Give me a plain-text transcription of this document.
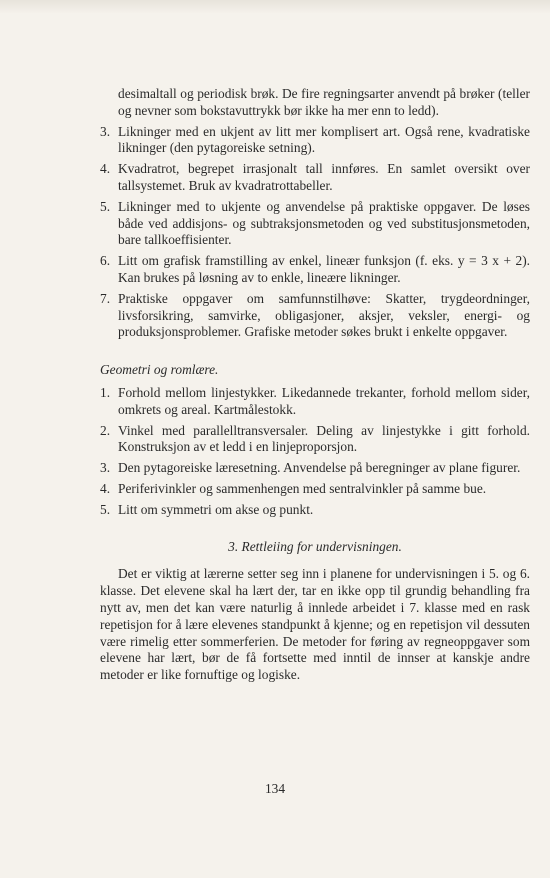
desimaltall og periodisk brøk. De fire regningsarter anvendt på brøker (teller og nevner som bokstavuttrykk bør ikke ha mer enn to ledd).

3. Likninger med en ukjent av litt mer komplisert art. Også rene, kvadratiske likninger (den pytagoreiske setning).
4. Kvadratrot, begrepet irrasjonalt tall innføres. En samlet oversikt over tallsystemet. Bruk av kvadratrottabeller.
5. Likninger med to ukjente og anvendelse på praktiske oppgaver. De løses både ved addisjons- og subtraksjonsmetoden og ved substitusjonsmetoden, bare tallkoeffisienter.
6. Litt om grafisk framstilling av enkel, lineær funksjon (f. eks. y = 3 x + 2). Kan brukes på løsning av to enkle, lineære likninger.
7. Praktiske oppgaver om samfunnstilhøve: Skatter, trygdeordninger, livsforsikring, samvirke, obligasjoner, aksjer, veksler, energi- og produksjonsproblemer. Grafiske metoder søkes brukt i enkelte oppgaver.

Geometri og romlære.

1. Forhold mellom linjestykker. Likedannede trekanter, forhold mellom sider, omkrets og areal. Kartmålestokk.
2. Vinkel med parallelltransversaler. Deling av linjestykke i gitt forhold. Konstruksjon av et ledd i en linjeproporsjon.
3. Den pytagoreiske læresetning. Anvendelse på beregninger av plane figurer.
4. Periferivinkler og sammenhengen med sentralvinkler på samme bue.
5. Litt om symmetri om akse og punkt.

3. Rettleiing for undervisningen.

Det er viktig at lærerne setter seg inn i planene for undervisningen i 5. og 6. klasse. Det elevene skal ha lært der, tar en ikke opp til grundig behandling fra nytt av, men det kan være naturlig å innlede arbeidet i 7. klasse med en rask repetisjon for å lære elevenes standpunkt å kjenne; og en repetisjon vil dessuten være rimelig etter sommerferien. De metoder for føring av regneoppgaver som elevene har lært, bør de få fortsette med inntil de innser at kanskje andre metoder er like fornuftige og logiske.

134
